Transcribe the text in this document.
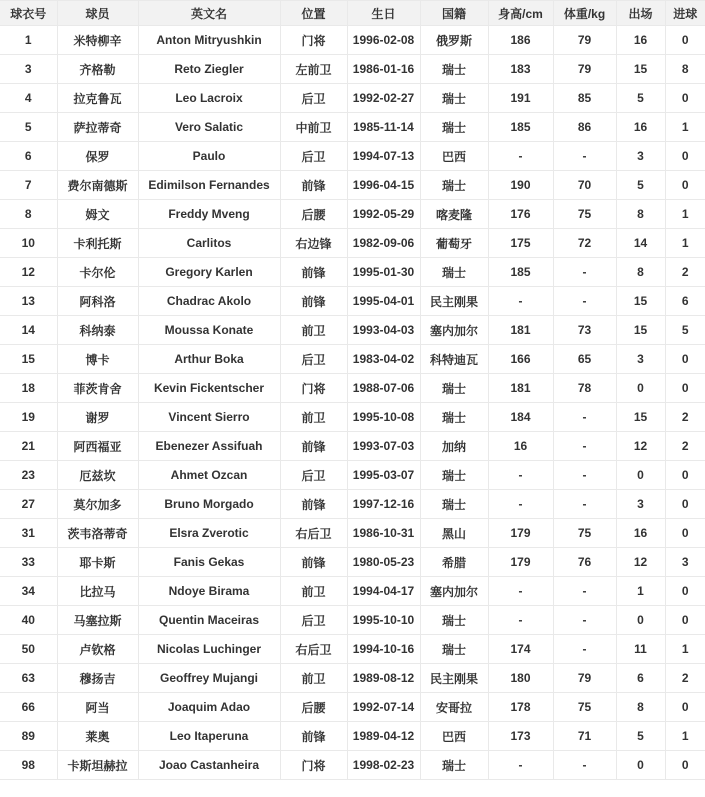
球衣号	球员	英文名	位置	生日	国籍	身高/cm	体重/kg	出场	进球
1	米特柳辛	Anton Mitryushkin	门将	1996-02-08	俄罗斯	186	79	16	0
3	齐格勒	Reto Ziegler	左前卫	1986-01-16	瑞士	183	79	15	8
4	拉克鲁瓦	Leo Lacroix	后卫	1992-02-27	瑞士	191	85	5	0
5	萨拉蒂奇	Vero Salatic	中前卫	1985-11-14	瑞士	185	86	16	1
6	保罗	Paulo	后卫	1994-07-13	巴西	-	-	3	0
7	费尔南德斯	Edimilson Fernandes	前锋	1996-04-15	瑞士	190	70	5	0
8	姆文	Freddy Mveng	后腰	1992-05-29	喀麦隆	176	75	8	1
10	卡利托斯	Carlitos	右边锋	1982-09-06	葡萄牙	175	72	14	1
12	卡尔伦	Gregory Karlen	前锋	1995-01-30	瑞士	185	-	8	2
13	阿科洛	Chadrac Akolo	前锋	1995-04-01	民主刚果	-	-	15	6
14	科纳泰	Moussa Konate	前卫	1993-04-03	塞内加尔	181	73	15	5
15	博卡	Arthur Boka	后卫	1983-04-02	科特迪瓦	166	65	3	0
18	菲茨肯舍	Kevin Fickentscher	门将	1988-07-06	瑞士	181	78	0	0
19	谢罗	Vincent Sierro	前卫	1995-10-08	瑞士	184	-	15	2
21	阿西福亚	Ebenezer Assifuah	前锋	1993-07-03	加纳	16	-	12	2
23	厄兹坎	Ahmet Ozcan	后卫	1995-03-07	瑞士	-	-	0	0
27	莫尔加多	Bruno Morgado	前锋	1997-12-16	瑞士	-	-	3	0
31	茨韦洛蒂奇	Elsra Zverotic	右后卫	1986-10-31	黑山	179	75	16	0
33	耶卡斯	Fanis Gekas	前锋	1980-05-23	希腊	179	76	12	3
34	比拉马	Ndoye Birama	前卫	1994-04-17	塞内加尔	-	-	1	0
40	马塞拉斯	Quentin Maceiras	后卫	1995-10-10	瑞士	-	-	0	0
50	卢钦格	Nicolas Luchinger	右后卫	1994-10-16	瑞士	174	-	11	1
63	穆扬吉	Geoffrey Mujangi	前卫	1989-08-12	民主刚果	180	79	6	2
66	阿当	Joaquim Adao	后腰	1992-07-14	安哥拉	178	75	8	0
89	莱奥	Leo Itaperuna	前锋	1989-04-12	巴西	173	71	5	1
98	卡斯坦赫拉	Joao Castanheira	门将	1998-02-23	瑞士	-	-	0	0
